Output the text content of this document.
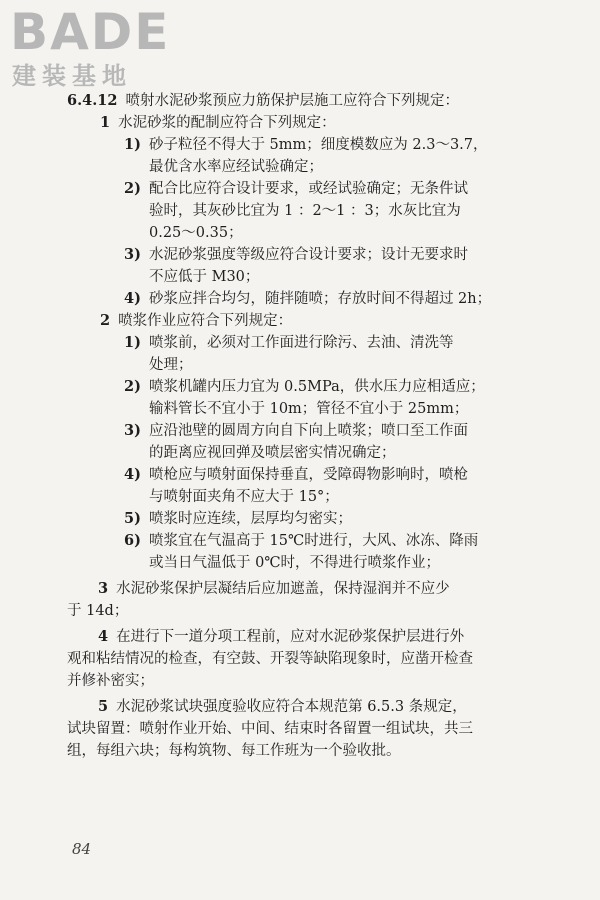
BADE
建装基地
6.4.12 喷射水泥砂浆预应力筋保护层施工应符合下列规定：
1 水泥砂浆的配制应符合下列规定：
1) 砂子粒径不得大于 5mm；细度模数应为 2.3～3.7，
最优含水率应经试验确定；
2) 配合比应符合设计要求，或经试验确定；无条件试
验时，其灰砂比宜为 1 ：2～1 ：3；水灰比宜为
0.25～0.35；
3) 水泥砂浆强度等级应符合设计要求；设计无要求时
不应低于 M30；
4) 砂浆应拌合均匀，随拌随喷；存放时间不得超过 2h；
2 喷浆作业应符合下列规定：
1) 喷浆前，必须对工作面进行除污、去油、清洗等
处理；
2) 喷浆机罐内压力宜为 0.5MPa，供水压力应相适应；
输料管长不宜小于 10m；管径不宜小于 25mm；
3) 应沿池壁的圆周方向自下向上喷浆；喷口至工作面
的距离应视回弹及喷层密实情况确定；
4) 喷枪应与喷射面保持垂直，受障碍物影响时，喷枪
与喷射面夹角不应大于 15°；
5) 喷浆时应连续，层厚均匀密实；
6) 喷浆宜在气温高于 15℃时进行，大风、冰冻、降雨
或当日气温低于 0℃时，不得进行喷浆作业；
3 水泥砂浆保护层凝结后应加遮盖，保持湿润并不应少
于 14d；
4 在进行下一道分项工程前，应对水泥砂浆保护层进行外
观和粘结情况的检查，有空鼓、开裂等缺陷现象时，应凿开检查
并修补密实；
5 水泥砂浆试块强度验收应符合本规范第 6.5.3 条规定，
试块留置：喷射作业开始、中间、结束时各留置一组试块，共三
组，每组六块；每构筑物、每工作班为一个验收批。
84
